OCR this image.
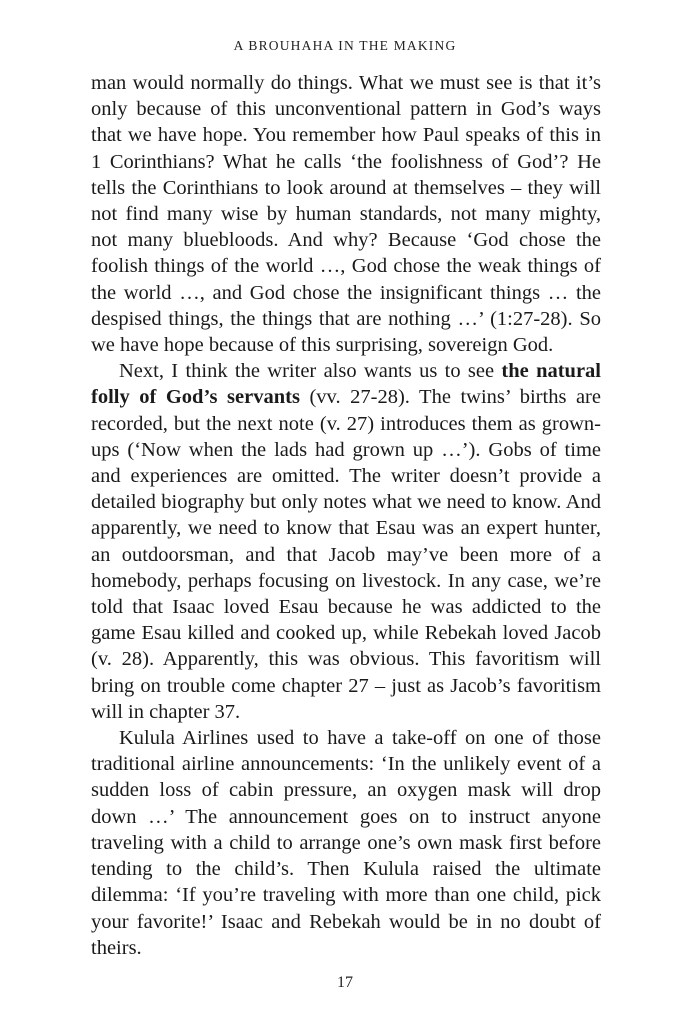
A BROUHAHA IN THE MAKING

man would normally do things. What we must see is that it’s only because of this unconventional pattern in God’s ways that we have hope. You remember how Paul speaks of this in 1 Corinthians? What he calls ‘the foolishness of God’? He tells the Corinthians to look around at themselves – they will not find many wise by human standards, not many mighty, not many bluebloods. And why? Because ‘God chose the foolish things of the world …, God chose the weak things of the world …, and God chose the insignificant things … the despised things, the things that are nothing …’ (1:27-28). So we have hope because of this surprising, sovereign God.

Next, I think the writer also wants us to see the natural folly of God’s servants (vv. 27-28). The twins’ births are recorded, but the next note (v. 27) introduces them as grown-ups (‘Now when the lads had grown up …’). Gobs of time and experiences are omitted. The writer doesn’t provide a detailed biography but only notes what we need to know. And apparently, we need to know that Esau was an expert hunter, an outdoorsman, and that Jacob may’ve been more of a homebody, perhaps focusing on livestock. In any case, we’re told that Isaac loved Esau because he was addicted to the game Esau killed and cooked up, while Rebekah loved Jacob (v. 28). Apparently, this was obvious. This favoritism will bring on trouble come chapter 27 – just as Jacob’s favoritism will in chapter 37.

Kulula Airlines used to have a take-off on one of those traditional airline announcements: ‘In the unlikely event of a sudden loss of cabin pressure, an oxygen mask will drop down …’ The announcement goes on to instruct anyone traveling with a child to arrange one’s own mask first before tending to the child’s. Then Kulula raised the ultimate dilemma: ‘If you’re traveling with more than one child, pick your favorite!’ Isaac and Rebekah would be in no doubt of theirs.

17
